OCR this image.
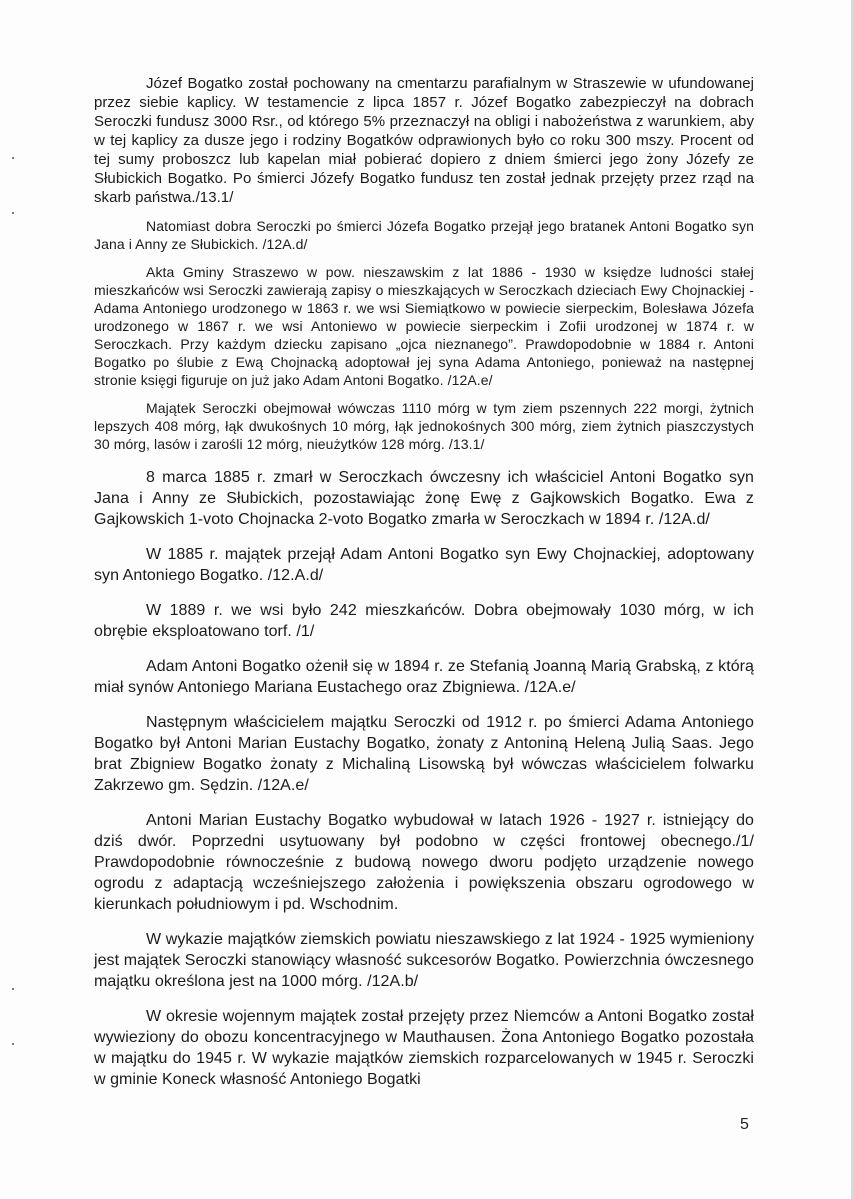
Józef Bogatko został pochowany na cmentarzu parafialnym w Straszewie w ufundowanej przez siebie kaplicy. W testamencie z lipca 1857 r. Józef Bogatko zabezpieczył na dobrach Seroczki fundusz 3000 Rsr., od którego 5% przeznaczył na obligi i nabożeństwa z warunkiem, aby w tej kaplicy za dusze jego i rodziny Bogatków odprawionych było co roku 300 mszy. Procent od tej sumy proboszcz lub kapelan miał pobierać dopiero z dniem śmierci jego żony Józefy ze Słubickich Bogatko. Po śmierci Józefy Bogatko fundusz ten został jednak przejęty przez rząd na skarb państwa./13.1/

Natomiast dobra Seroczki po śmierci Józefa Bogatko przejął jego bratanek Antoni Bogatko syn Jana i Anny ze Słubickich. /12A.d/

Akta Gminy Straszewo w pow. nieszawskim z lat 1886 - 1930 w księdze ludności stałej mieszkańców wsi Seroczki zawierają zapisy o mieszkających w Seroczkach dzieciach Ewy Chojnackiej - Adama Antoniego urodzonego w 1863 r. we wsi Siemiątkowo w powiecie sierpeckim, Bolesława Józefa urodzonego w 1867 r. we wsi Antoniewo w powiecie sierpeckim i Zofii urodzonej w 1874 r. w Seroczkach. Przy każdym dziecku zapisano „ojca nieznanego”. Prawdopodobnie w 1884 r. Antoni Bogatko po ślubie z Ewą Chojnacką adoptował jej syna Adama Antoniego, ponieważ na następnej stronie księgi figuruje on już jako Adam Antoni Bogatko. /12A.e/

Majątek Seroczki obejmował wówczas 1110 mórg w tym ziem pszennych 222 morgi, żytnich lepszych 408 mórg, łąk dwukośnych 10 mórg, łąk jednokośnych 300 mórg, ziem żytnich piaszczystych 30 mórg, lasów i zarośli 12 mórg, nieużytków 128 mórg. /13.1/

8 marca 1885 r. zmarł w Seroczkach ówczesny ich właściciel Antoni Bogatko syn Jana i Anny ze Słubickich, pozostawiając żonę Ewę z Gajkowskich Bogatko. Ewa z Gajkowskich 1-voto Chojnacka 2-voto Bogatko zmarła w Seroczkach w 1894 r. /12A.d/

W 1885 r. majątek przejął Adam Antoni Bogatko syn Ewy Chojnackiej, adoptowany syn Antoniego Bogatko. /12.A.d/

W 1889 r. we wsi było 242 mieszkańców. Dobra obejmowały 1030 mórg, w ich obrębie eksploatowano torf. /1/

Adam Antoni Bogatko ożenił się w 1894 r. ze Stefanią Joanną Marią Grabską, z którą miał synów Antoniego Mariana Eustachego oraz Zbigniewa. /12A.e/

Następnym właścicielem majątku Seroczki od 1912 r. po śmierci Adama Antoniego Bogatko był Antoni Marian Eustachy Bogatko, żonaty z Antoniną Heleną Julią Saas. Jego brat Zbigniew Bogatko żonaty z Michaliną Lisowską był wówczas właścicielem folwarku Zakrzewo gm. Sędzin. /12A.e/

Antoni Marian Eustachy Bogatko wybudował w latach 1926 - 1927 r. istniejący do dziś dwór. Poprzedni usytuowany był podobno w części frontowej obecnego./1/ Prawdopodobnie równocześnie z budową nowego dworu podjęto urządzenie nowego ogrodu z adaptacją wcześniejszego założenia i powiększenia obszaru ogrodowego w kierunkach południowym i pd. Wschodnim.

W wykazie majątków ziemskich powiatu nieszawskiego z lat 1924 - 1925 wymieniony jest majątek Seroczki stanowiący własność sukcesorów Bogatko. Powierzchnia ówczesnego majątku określona jest na 1000 mórg. /12A.b/

W okresie wojennym majątek został przejęty przez Niemców a Antoni Bogatko został wywieziony do obozu koncentracyjnego w Mauthausen. Żona Antoniego Bogatko pozostała w majątku do 1945 r. W wykazie majątków ziemskich rozparcelowanych w 1945 r. Seroczki w gminie Koneck własność Antoniego Bogatki

5
